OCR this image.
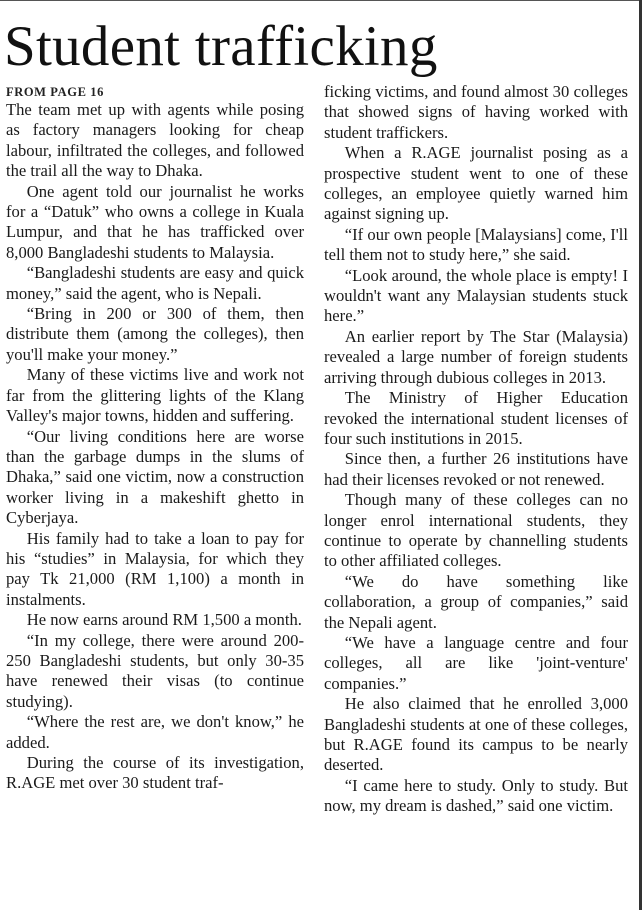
Student trafficking
FROM PAGE 16

The team met up with agents while posing as factory managers looking for cheap labour, infiltrated the colleges, and followed the trail all the way to Dhaka.

One agent told our journalist he works for a “Datuk” who owns a college in Kuala Lumpur, and that he has trafficked over 8,000 Bangladeshi students to Malaysia.

“Bangladeshi students are easy and quick money,” said the agent, who is Nepali.

“Bring in 200 or 300 of them, then distribute them (among the colleges), then you'll make your money.”

Many of these victims live and work not far from the glittering lights of the Klang Valley's major towns, hidden and suffering.

“Our living conditions here are worse than the garbage dumps in the slums of Dhaka,” said one victim, now a construction worker living in a makeshift ghetto in Cyberjaya.

His family had to take a loan to pay for his “studies” in Malaysia, for which they pay Tk 21,000 (RM 1,100) a month in instalments.

He now earns around RM 1,500 a month.

“In my college, there were around 200-250 Bangladeshi students, but only 30-35 have renewed their visas (to continue studying).

“Where the rest are, we don't know,” he added.

During the course of its investigation, R.AGE met over 30 student traf-

ficking victims, and found almost 30 colleges that showed signs of having worked with student traffickers.

When a R.AGE journalist posing as a prospective student went to one of these colleges, an employee quietly warned him against signing up.

“If our own people [Malaysians] come, I'll tell them not to study here,” she said.

“Look around, the whole place is empty! I wouldn't want any Malaysian students stuck here.”

An earlier report by The Star (Malaysia) revealed a large number of foreign students arriving through dubious colleges in 2013.

The Ministry of Higher Education revoked the international student licenses of four such institutions in 2015.

Since then, a further 26 institutions have had their licenses revoked or not renewed.

Though many of these colleges can no longer enrol international students, they continue to operate by channelling students to other affiliated colleges.

“We do have something like collaboration, a group of companies,” said the Nepali agent.

“We have a language centre and four colleges, all are like 'joint-venture' companies.”

He also claimed that he enrolled 3,000 Bangladeshi students at one of these colleges, but R.AGE found its campus to be nearly deserted.

“I came here to study. Only to study. But now, my dream is dashed,” said one victim.
